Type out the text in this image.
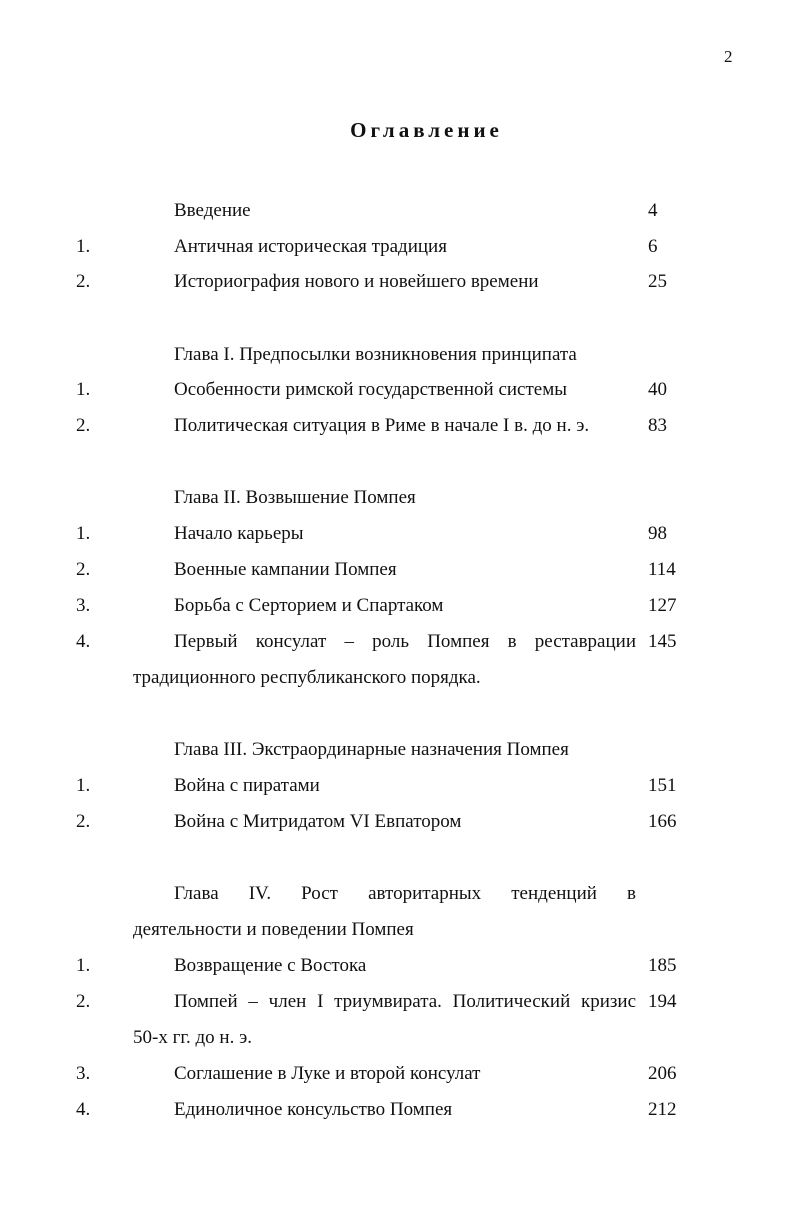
2
Оглавление
Введение	4
1.	Античная историческая традиция	6
2.	Историография нового и новейшего времени	25
Глава I. Предпосылки возникновения принципата
1.	Особенности римской государственной системы	40
2.	Политическая ситуация в Риме в начале I в. до н. э.	83
Глава II. Возвышение Помпея
1.	Начало карьеры	98
2.	Военные кампании Помпея	114
3.	Борьба с Серторием и Спартаком	127
4.	Первый консулат – роль Помпея в реставрации 145
традиционного республиканского порядка.
Глава III. Экстраординарные назначения Помпея
1.	Война с пиратами	151
2.	Война с Митридатом VI Евпатором	166
Глава IV. Рост авторитарных тенденций в
деятельности и поведении Помпея
1.	Возвращение с Востока	185
2.	Помпей – член I триумвирата. Политический кризис 194
50-х гг. до н. э.
3.	Соглашение в Луке и второй консулат	206
4.	Единоличное консульство Помпея	212
